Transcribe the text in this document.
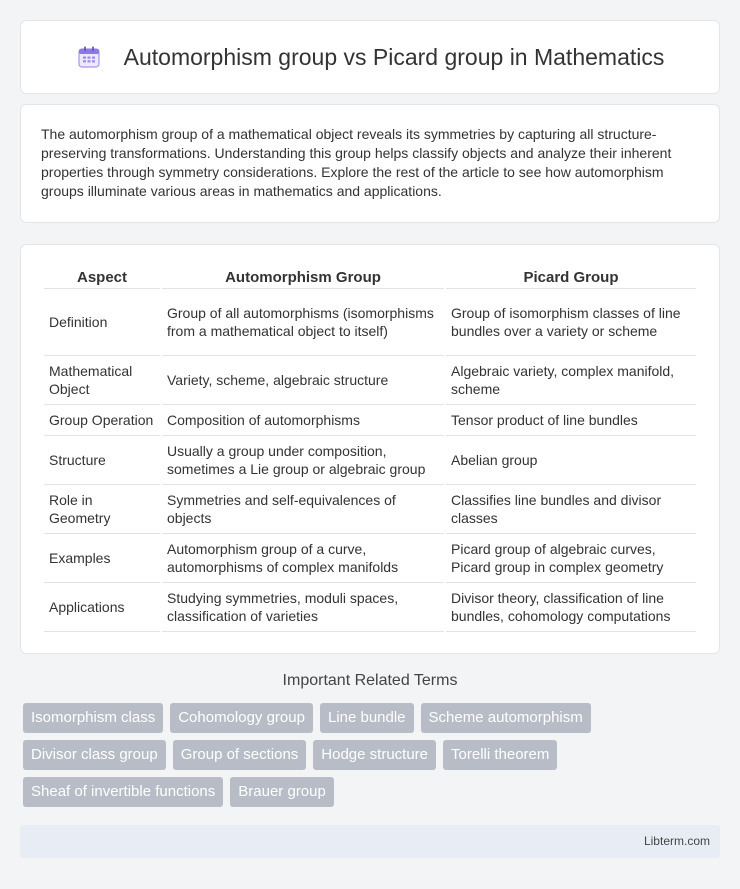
Automorphism group vs Picard group in Mathematics

The automorphism group of a mathematical object reveals its symmetries by capturing all structure-preserving transformations. Understanding this group helps classify objects and analyze their inherent properties through symmetry considerations. Explore the rest of the article to see how automorphism groups illuminate various areas in mathematics and applications.

Aspect	Automorphism Group	Picard Group
Definition	Group of all automorphisms (isomorphisms from a mathematical object to itself)	Group of isomorphism classes of line bundles over a variety or scheme
Mathematical Object	Variety, scheme, algebraic structure	Algebraic variety, complex manifold, scheme
Group Operation	Composition of automorphisms	Tensor product of line bundles
Structure	Usually a group under composition, sometimes a Lie group or algebraic group	Abelian group
Role in Geometry	Symmetries and self-equivalences of objects	Classifies line bundles and divisor classes
Examples	Automorphism group of a curve, automorphisms of complex manifolds	Picard group of algebraic curves, Picard group in complex geometry
Applications	Studying symmetries, moduli spaces, classification of varieties	Divisor theory, classification of line bundles, cohomology computations
Important Related Terms
Isomorphism class	Cohomology group	Line bundle	Scheme automorphism
Divisor class group	Group of sections	Hodge structure	Torelli theorem
Sheaf of invertible functions	Brauer group
Libterm.com
